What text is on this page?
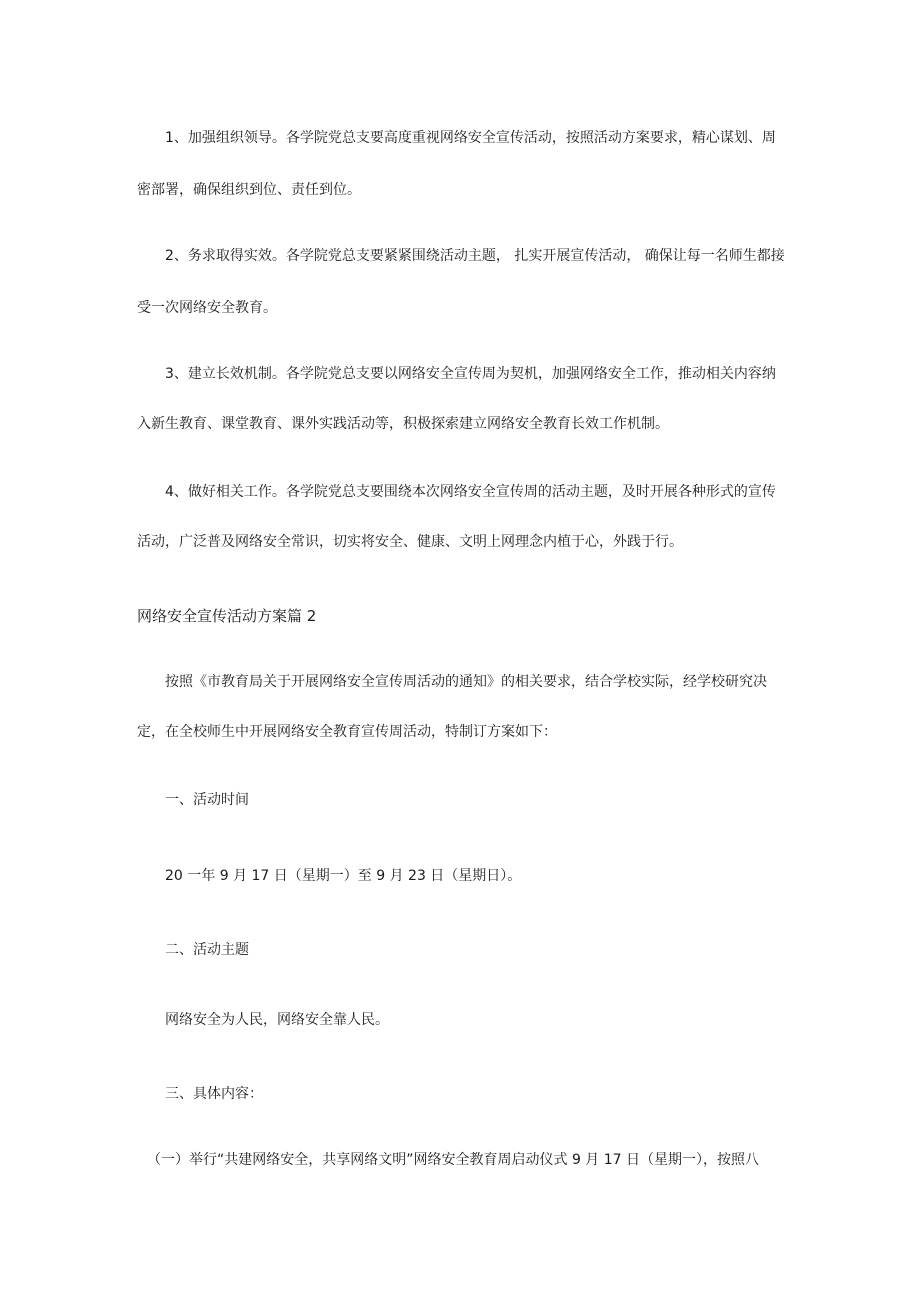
1、加强组织领导。各学院党总支要高度重视网络安全宣传活动，按照活动方案要求，精心谋划、周

密部署，确保组织到位、责任到位。

2、务求取得实效。各学院党总支要紧紧围绕活动主题， 扎实开展宣传活动， 确保让每一名师生都接

受一次网络安全教育。

3、建立长效机制。各学院党总支要以网络安全宣传周为契机，加强网络安全工作，推动相关内容纳

入新生教育、课堂教育、课外实践活动等，积极探索建立网络安全教育长效工作机制。

4、做好相关工作。各学院党总支要围绕本次网络安全宣传周的活动主题，及时开展各种形式的宣传

活动，广泛普及网络安全常识，切实将安全、健康、文明上网理念内植于心，外践于行。

网络安全宣传活动方案篇 2

按照《市教育局关于开展网络安全宣传周活动的通知》的相关要求，结合学校实际，经学校研究决

定，在全校师生中开展网络安全教育宣传周活动，特制订方案如下：

一、活动时间

20 一年 9 月 17 日（星期一）至 9 月 23 日（星期日）。

二、活动主题

网络安全为人民，网络安全靠人民。

三、具体内容：

（一）举行“共建网络安全，共享网络文明”网络安全教育周启动仪式 9 月 17 日（星期一），按照八
